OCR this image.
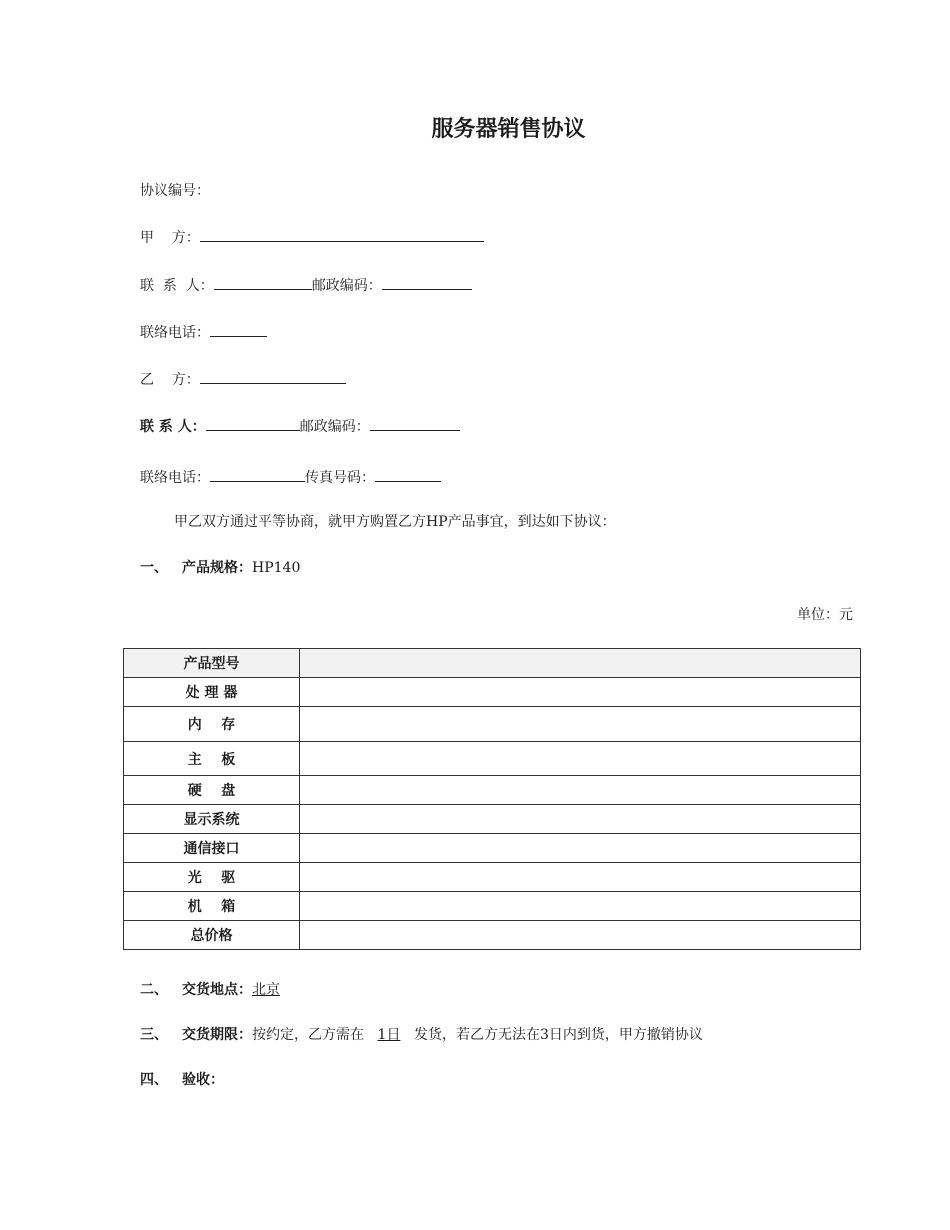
服务器销售协议
协议编号：
甲    方：
联  系  人：	邮政编码：
联络电话：
乙    方：
联 系 人：	邮政编码：
联络电话：	传真号码：
甲乙双方通过平等协商，就甲方购置乙方HP产品事宜，到达如下协议：
一、 产品规格：HP140
单位：元
产品型号	
处 理 器	
内    存	
主    板	
硬    盘	
显示系统	
通信接口	
光    驱	
机    箱	
总价格	
二、 交货地点：北京
三、 交货期限：按约定，乙方需在 1日 发货，若乙方无法在3日内到货，甲方撤销协议
四、 验收：
